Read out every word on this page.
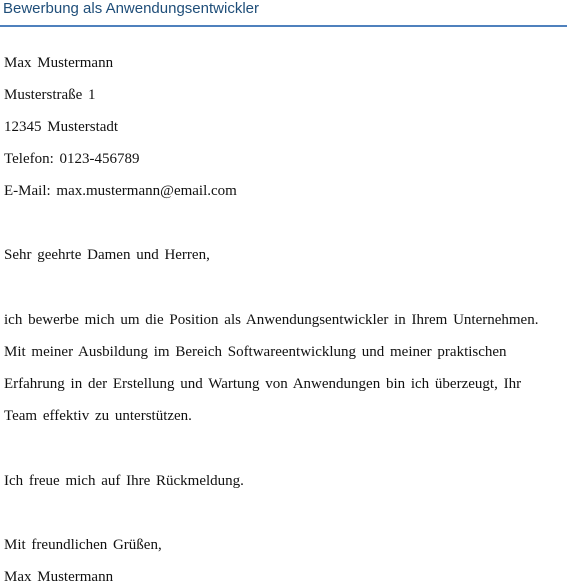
Bewerbung als Anwendungsentwickler
Max Mustermann
Musterstraße 1
12345 Musterstadt
Telefon: 0123-456789
E-Mail: max.mustermann@email.com
Sehr geehrte Damen und Herren,
ich bewerbe mich um die Position als Anwendungsentwickler in Ihrem Unternehmen.
Mit meiner Ausbildung im Bereich Softwareentwicklung und meiner praktischen
Erfahrung in der Erstellung und Wartung von Anwendungen bin ich überzeugt, Ihr
Team effektiv zu unterstützen.
Ich freue mich auf Ihre Rückmeldung.
Mit freundlichen Grüßen,
Max Mustermann
